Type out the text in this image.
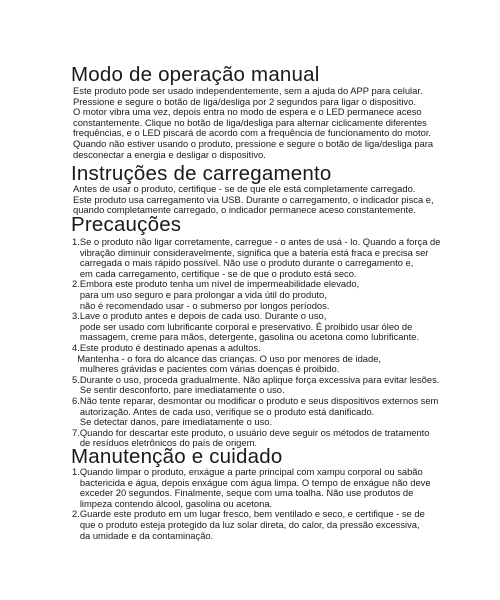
Modo de operação manual
Este produto pode ser usado independentemente, sem a ajuda do APP para celular.
Pressione e segure o botão de liga/desliga por 2 segundos para ligar o dispositivo.
O motor vibra uma vez, depois entra no modo de espera e o LED permanece aceso
constantemente. Clique no botão de liga/desliga para alternar ciclicamente diferentes
frequências, e o LED piscará de acordo com a frequência de funcionamento do motor.
Quando não estiver usando o produto, pressione e segure o botão de liga/desliga para
desconectar a energia e desligar o dispositivo.
Instruções de carregamento
Antes de usar o produto, certifique - se de que ele está completamente carregado.
Este produto usa carregamento via USB. Durante o carregamento, o indicador pisca e,
quando completamente carregado, o indicador permanece aceso constantemente.
Precauções
1.Se o produto não ligar corretamente, carregue - o antes de usá - lo. Quando a força de
vibração diminuir consideravelmente, significa que a bateria está fraca e precisa ser
carregada o mais rápido possível. Não use o produto durante o carregamento e,
em cada carregamento, certifique - se de que o produto está seco.
2.Embora este produto tenha um nível de impermeabilidade elevado,
para um uso seguro e para prolongar a vida útil do produto,
não é recomendado usar - o submerso por longos períodos.
3.Lave o produto antes e depois de cada uso. Durante o uso,
pode ser usado com lubrificante corporal e preservativo. É proibido usar óleo de
massagem, creme para mãos, detergente, gasolina ou acetona como lubrificante.
4.Este produto é destinado apenas a adultos.
Mantenha - o fora do alcance das crianças. O uso por menores de idade,
mulheres grávidas e pacientes com várias doenças é proibido.
5.Durante o uso, proceda gradualmente. Não aplique força excessiva para evitar lesões.
Se sentir desconforto, pare imediatamente o uso.
6.Não tente reparar, desmontar ou modificar o produto e seus dispositivos externos sem
autorização. Antes de cada uso, verifique se o produto está danificado.
Se detectar danos, pare imediatamente o uso.
7.Quando for descartar este produto, o usuário deve seguir os métodos de tratamento
de resíduos eletrônicos do país de origem.
Manutenção e cuidado
1.Quando limpar o produto, enxágue a parte principal com xampu corporal ou sabão
bactericida e água, depois enxágue com água limpa. O tempo de enxágue não deve
exceder 20 segundos. Finalmente, seque com uma toalha. Não use produtos de
limpeza contendo álcool, gasolina ou acetona.
2.Guarde este produto em um lugar fresco, bem ventilado e seco, e certifique - se de
que o produto esteja protegido da luz solar direta, do calor, da pressão excessiva,
da umidade e da contaminação.
